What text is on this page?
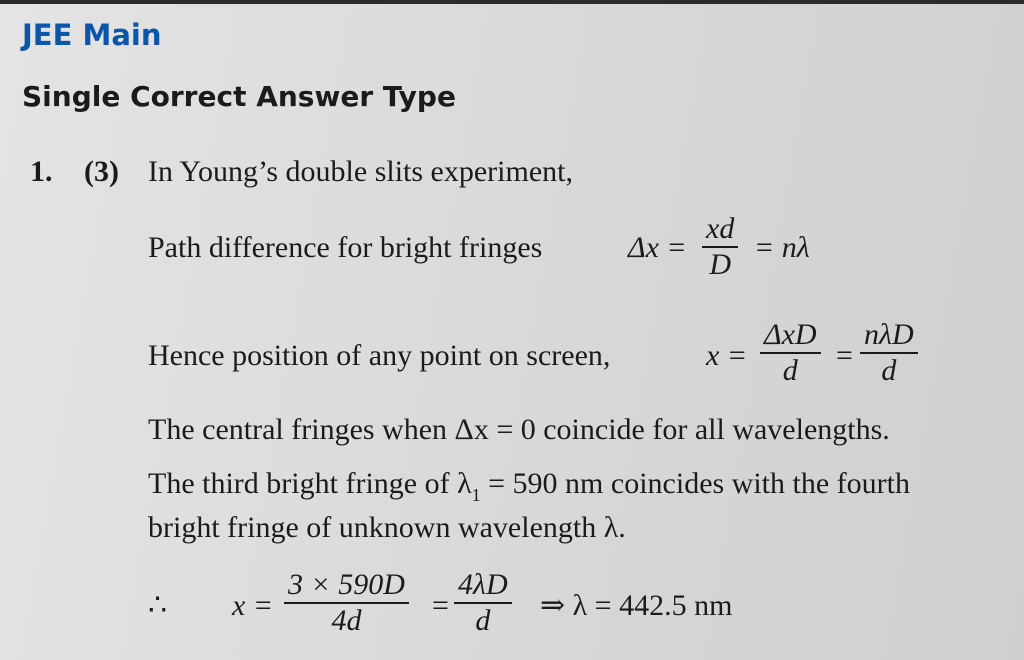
JEE Main
Single Correct Answer Type
1. (3) In Young’s double slits experiment,
Path difference for bright fringes	$\Delta x = \frac{xd}{D} = n\lambda$
Hence position of any point on screen,	x =
ΔxD
d	=
nλD
d
The central fringes when Δx = 0 coincide for all wavelengths.
The third bright fringe of $\lambda_1 = 590$ nm coincides with the fourth
bright fringe of unknown wavelength λ.
∴ $x = \frac{3 \times 590D}{4d} = \frac{4\lambda D}{d}$ ⇒ λ = 442.5 nm
